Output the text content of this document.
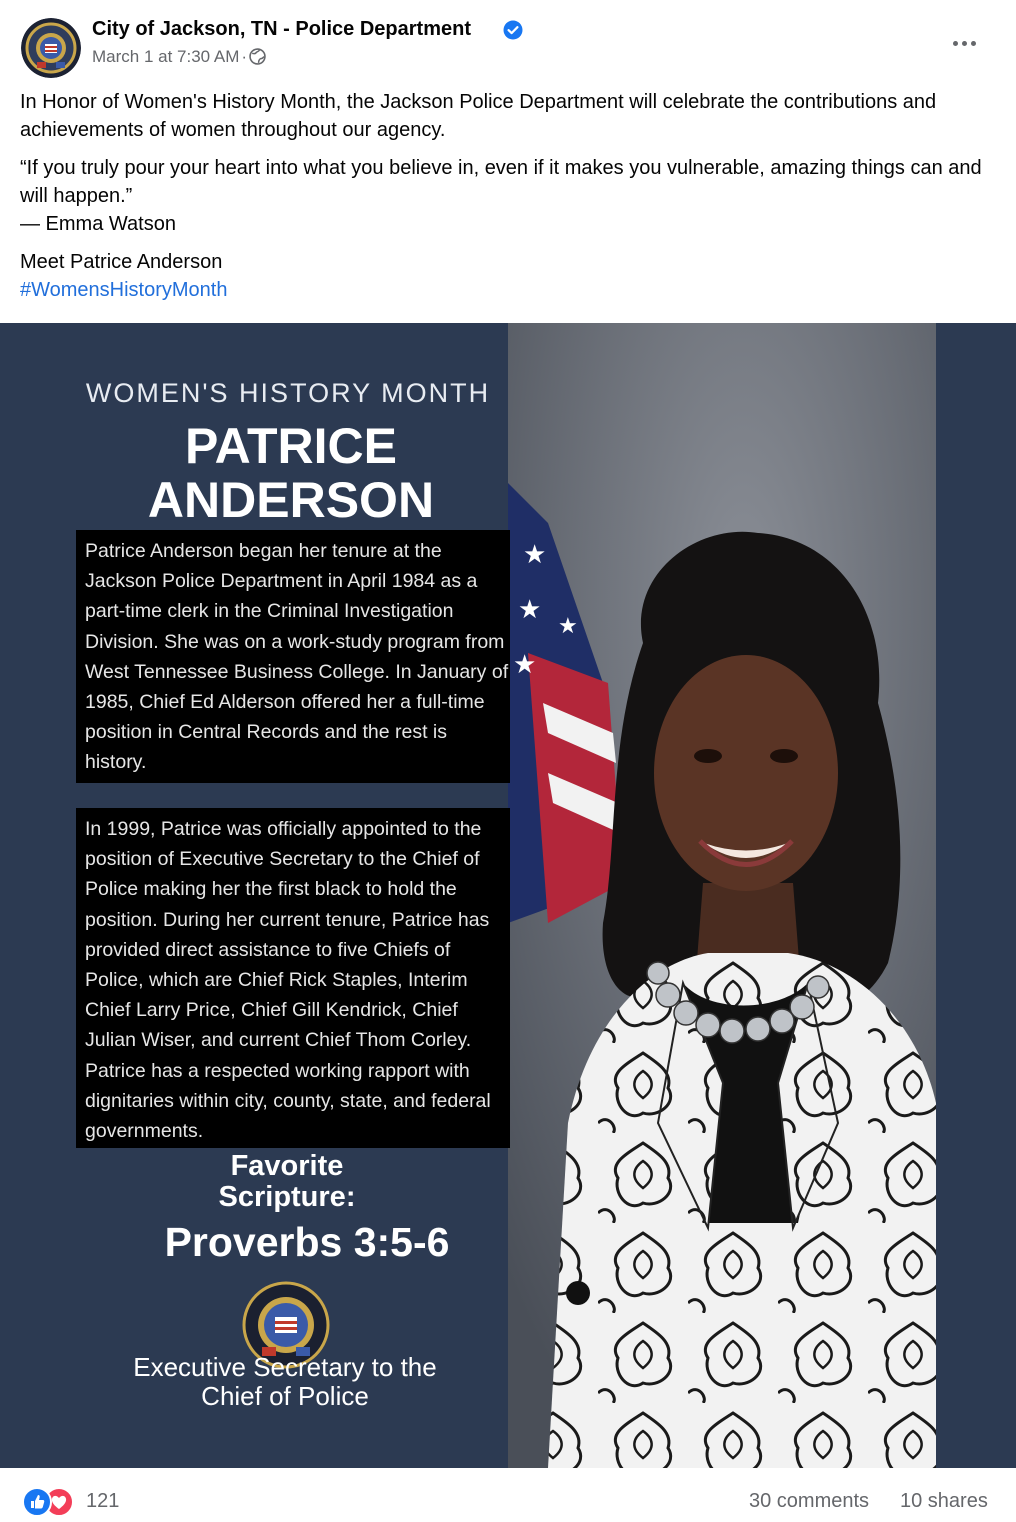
City of Jackson, TN - Police Department
March 1 at 7:30 AM ·

In Honor of Women's History Month, the Jackson Police Department will celebrate the contributions and achievements of women throughout our agency.

“If you truly pour your heart into what you believe in, even if it makes you vulnerable, amazing things can and will happen.”
— Emma Watson

Meet Patrice Anderson
#WomensHistoryMonth

★
★
★
★
WOMEN'S HISTORY MONTH
PATRICE
ANDERSON
Patrice Anderson began her tenure at the Jackson Police Department in April 1984 as a part-time clerk in the Criminal Investigation Division. She was on a work-study program from West Tennessee Business College. In January of 1985, Chief Ed Alderson offered her a full-time position in Central Records and the rest is history.
In 1999, Patrice was officially appointed to the position of Executive Secretary to the Chief of Police making her the first black to hold the position. During her current tenure, Patrice has provided direct assistance to five Chiefs of Police, which are Chief Rick Staples, Interim Chief Larry Price, Chief Gill Kendrick, Chief Julian Wiser, and current Chief Thom Corley. Patrice has a respected working rapport with dignitaries within city, county, state, and federal governments.
Favorite
Scripture:
Proverbs 3:5-6
Executive Secretary to the
Chief of Police
121	30 comments 10 shares
